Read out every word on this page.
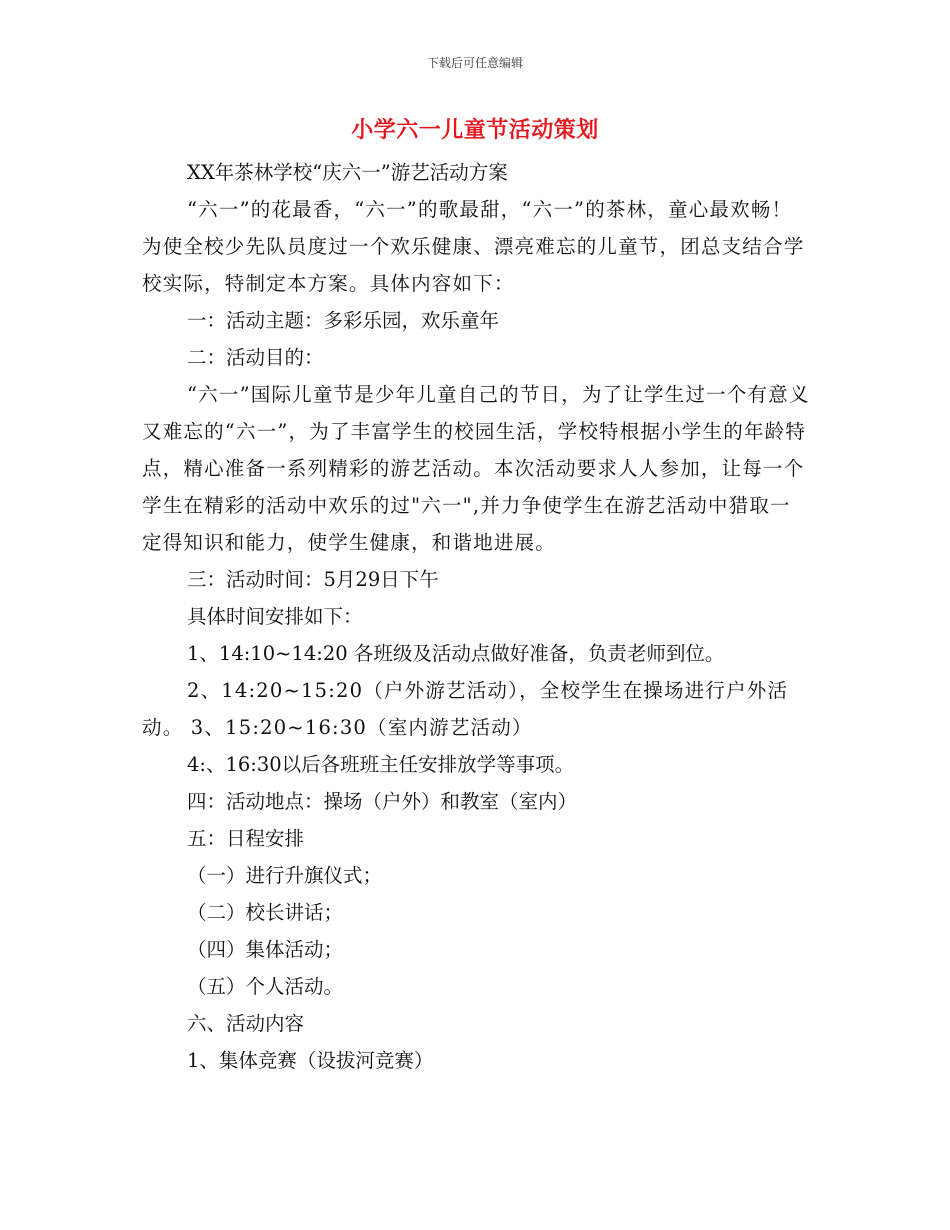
下载后可任意编辑
小学六一儿童节活动策划

XX年茶林学校“庆六一”游艺活动方案

“六一”的花最香，“六一”的歌最甜，“六一”的茶林，童心最欢畅！为使全校少先队员度过一个欢乐健康、漂亮难忘的儿童节，团总支结合学校实际，特制定本方案。具体内容如下：

一：活动主题：多彩乐园，欢乐童年

二：活动目的：

“六一”国际儿童节是少年儿童自己的节日，为了让学生过一个有意义又难忘的“六一”，为了丰富学生的校园生活，学校特根据小学生的年龄特点，精心准备一系列精彩的游艺活动。本次活动要求人人参加，让每一个学生在精彩的活动中欢乐的过"六一",并力争使学生在游艺活动中猎取一定得知识和能力，使学生健康，和谐地进展。

三：活动时间：5月29日下午

具体时间安排如下：

1、14:10~14:20 各班级及活动点做好准备，负责老师到位。

2、14:20~15:20（户外游艺活动），全校学生在操场进行户外活动。 3、15:20~16:30（室内游艺活动）

4:、16:30以后各班班主任安排放学等事项。

四：活动地点：操场（户外）和教室（室内）

五：日程安排

（一）进行升旗仪式；

（二）校长讲话；

（四）集体活动；

（五）个人活动。

六、活动内容

1、集体竞赛（设拔河竞赛）
